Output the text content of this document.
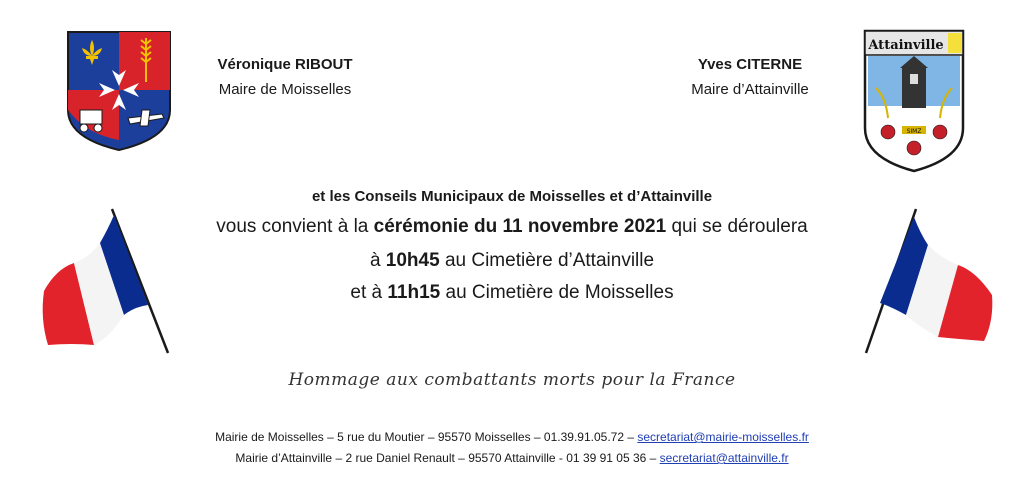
Véronique RIBOUT
Maire de Moisselles
Yves CITERNE
Maire d’Attainville
Attainville
SIMZ
et les Conseils Municipaux de Moisselles et d’Attainville
vous convient à la cérémonie du 11 novembre 2021 qui se déroulera
à 10h45 au Cimetière d’Attainville
et à 11h15 au Cimetière de Moisselles
Hommage aux combattants morts pour la France
Mairie de Moisselles – 5 rue du Moutier – 95570 Moisselles – 01.39.91.05.72 – secretariat@mairie-moisselles.fr
Mairie d’Attainville – 2 rue Daniel Renault – 95570 Attainville - 01 39 91 05 36 – secretariat@attainville.fr
